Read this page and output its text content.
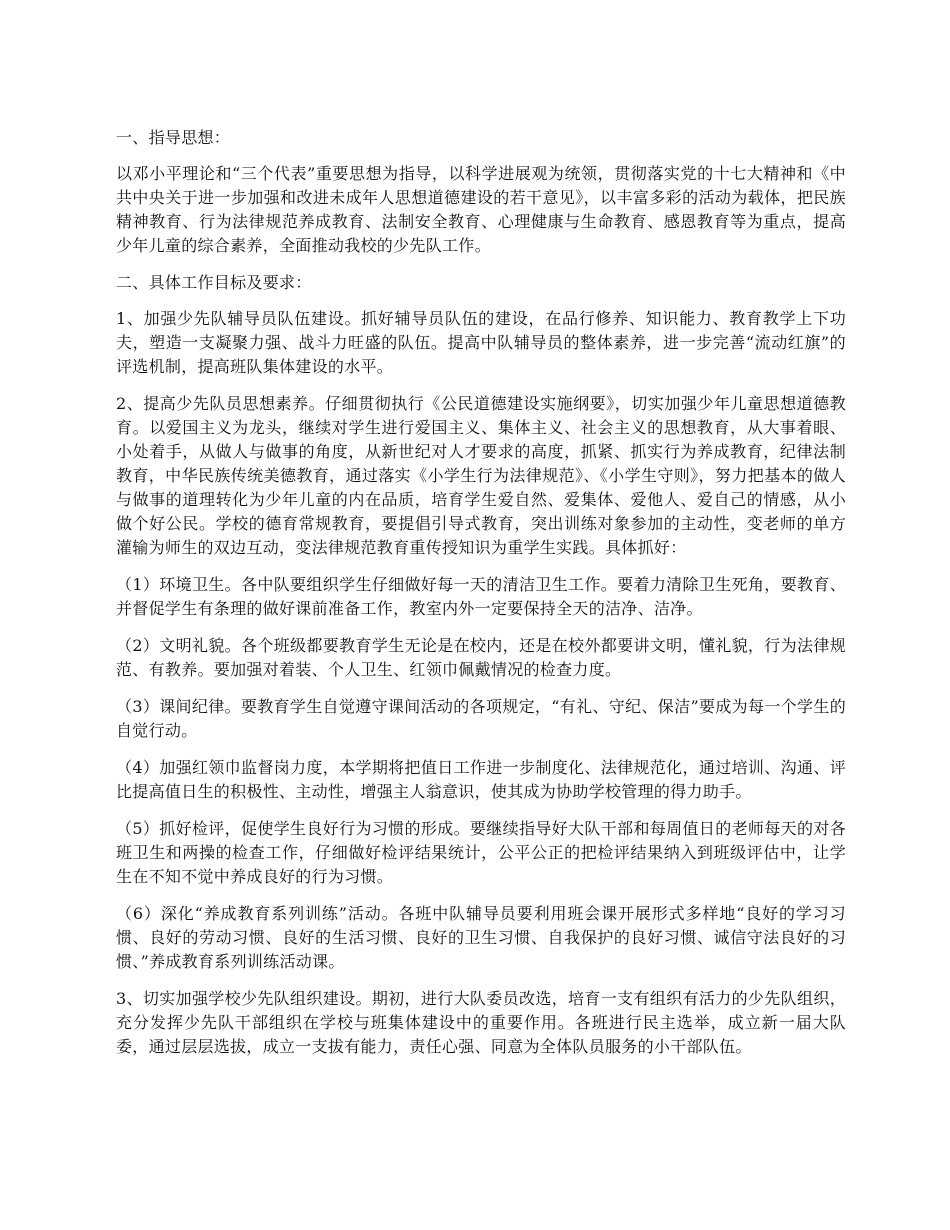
一、指导思想：

以邓小平理论和“三个代表”重要思想为指导，以科学进展观为统领，贯彻落实党的十七大精神和《中共中央关于进一步加强和改进未成年人思想道德建设的若干意见》，以丰富多彩的活动为载体，把民族精神教育、行为法律规范养成教育、法制安全教育、心理健康与生命教育、感恩教育等为重点，提高少年儿童的综合素养，全面推动我校的少先队工作。

二、具体工作目标及要求：

1、加强少先队辅导员队伍建设。抓好辅导员队伍的建设，在品行修养、知识能力、教育教学上下功夫，塑造一支凝聚力强、战斗力旺盛的队伍。提高中队辅导员的整体素养，进一步完善“流动红旗”的评选机制，提高班队集体建设的水平。

2、提高少先队员思想素养。仔细贯彻执行《公民道德建设实施纲要》，切实加强少年儿童思想道德教育。以爱国主义为龙头，继续对学生进行爱国主义、集体主义、社会主义的思想教育，从大事着眼、小处着手，从做人与做事的角度，从新世纪对人才要求的高度，抓紧、抓实行为养成教育，纪律法制教育，中华民族传统美德教育，通过落实《小学生行为法律规范》、《小学生守则》，努力把基本的做人与做事的道理转化为少年儿童的内在品质，培育学生爱自然、爱集体、爱他人、爱自己的情感，从小做个好公民。学校的德育常规教育，要提倡引导式教育，突出训练对象参加的主动性，变老师的单方灌输为师生的双边互动，变法律规范教育重传授知识为重学生实践。具体抓好：

（1）环境卫生。各中队要组织学生仔细做好每一天的清洁卫生工作。要着力清除卫生死角，要教育、并督促学生有条理的做好课前准备工作，教室内外一定要保持全天的洁净、洁净。

（2）文明礼貌。各个班级都要教育学生无论是在校内，还是在校外都要讲文明，懂礼貌，行为法律规范、有教养。要加强对着装、个人卫生、红领巾佩戴情况的检查力度。

（3）课间纪律。要教育学生自觉遵守课间活动的各项规定，“有礼、守纪、保洁”要成为每一个学生的自觉行动。

（4）加强红领巾监督岗力度，本学期将把值日工作进一步制度化、法律规范化，通过培训、沟通、评比提高值日生的积极性、主动性，增强主人翁意识，使其成为协助学校管理的得力助手。

（5）抓好检评，促使学生良好行为习惯的形成。要继续指导好大队干部和每周值日的老师每天的对各班卫生和两操的检查工作，仔细做好检评结果统计，公平公正的把检评结果纳入到班级评估中，让学生在不知不觉中养成良好的行为习惯。

（6）深化“养成教育系列训练”活动。各班中队辅导员要利用班会课开展形式多样地“良好的学习习惯、良好的劳动习惯、良好的生活习惯、良好的卫生习惯、自我保护的良好习惯、诚信守法良好的习惯、”养成教育系列训练活动课。

3、切实加强学校少先队组织建设。期初，进行大队委员改选，培育一支有组织有活力的少先队组织，充分发挥少先队干部组织在学校与班集体建设中的重要作用。各班进行民主选举，成立新一届大队委，通过层层选拔，成立一支拔有能力，责任心强、同意为全体队员服务的小干部队伍。
